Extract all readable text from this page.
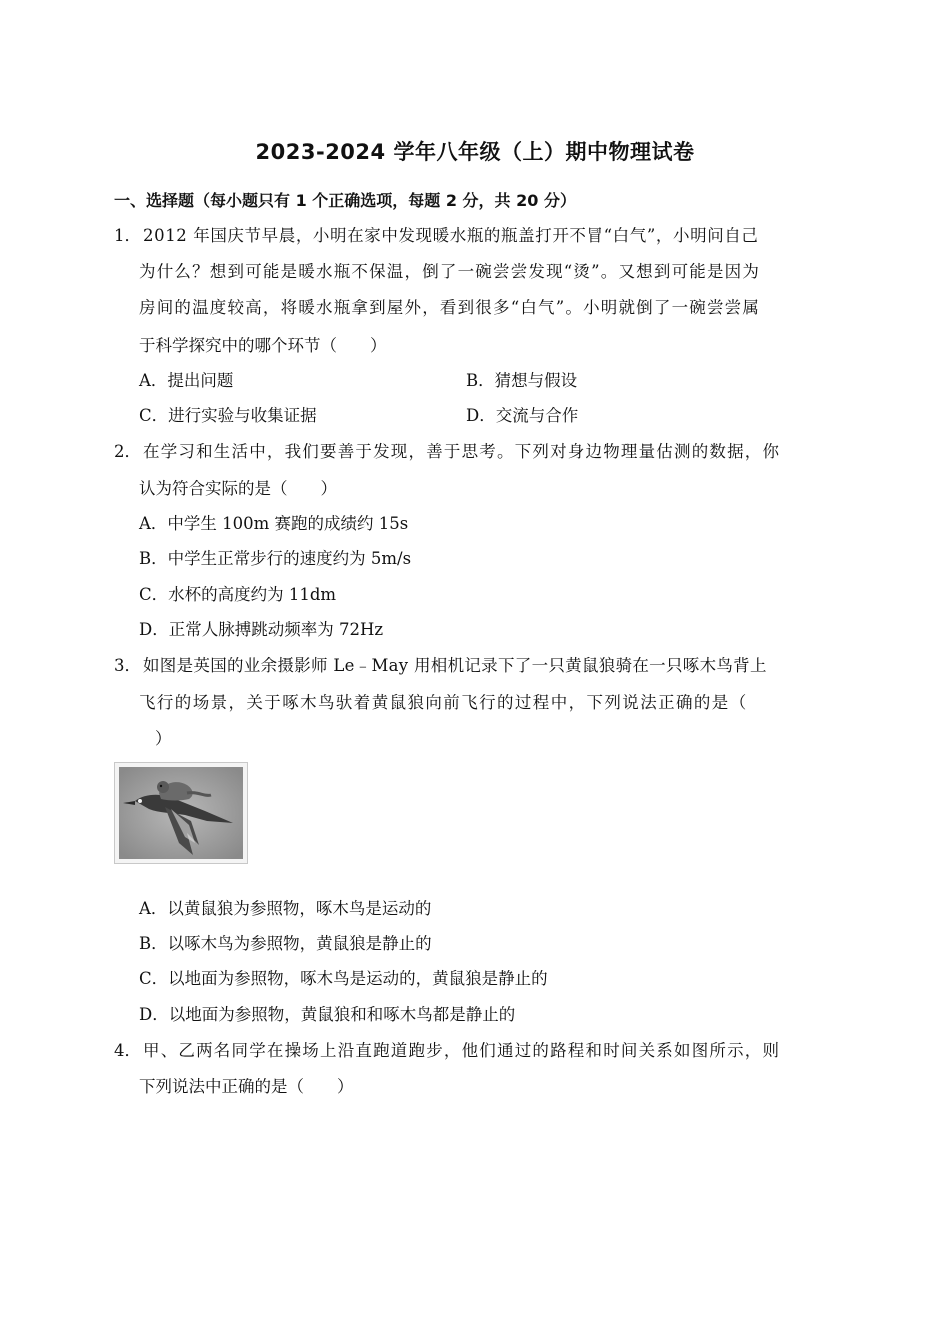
2023-2024 学年八年级（上）期中物理试卷
一、选择题（每小题只有 1 个正确选项，每题 2 分，共 20 分）
1． 2012 年国庆节早晨，小明在家中发现暖水瓶的瓶盖打开不冒“白气”，小明问自己
为什么？想到可能是暖水瓶不保温，倒了一碗尝尝发现“烫”。又想到可能是因为
房间的温度较高，将暖水瓶拿到屋外，看到很多“白气”。小明就倒了一碗尝尝属
于科学探究中的哪个环节（　　）
A．提出问题	B．猜想与假设
C．进行实验与收集证据	D．交流与合作
2． 在学习和生活中，我们要善于发现，善于思考。下列对身边物理量估测的数据，你
认为符合实际的是（　　）
A．中学生 100m 赛跑的成绩约 15s
B．中学生正常步行的速度约为 5m/s
C．水杯的高度约为 11dm
D．正常人脉搏跳动频率为 72Hz
3． 如图是英国的业余摄影师 Le﹣May 用相机记录下了一只黄鼠狼骑在一只啄木鸟背上
飞行的场景，关于啄木鸟驮着黄鼠狼向前飞行的过程中，下列说法正确的是（
）
A．以黄鼠狼为参照物，啄木鸟是运动的
B．以啄木鸟为参照物，黄鼠狼是静止的
C．以地面为参照物，啄木鸟是运动的，黄鼠狼是静止的
D．以地面为参照物，黄鼠狼和和啄木鸟都是静止的
4． 甲、乙两名同学在操场上沿直跑道跑步，他们通过的路程和时间关系如图所示，则
下列说法中正确的是（　　）
